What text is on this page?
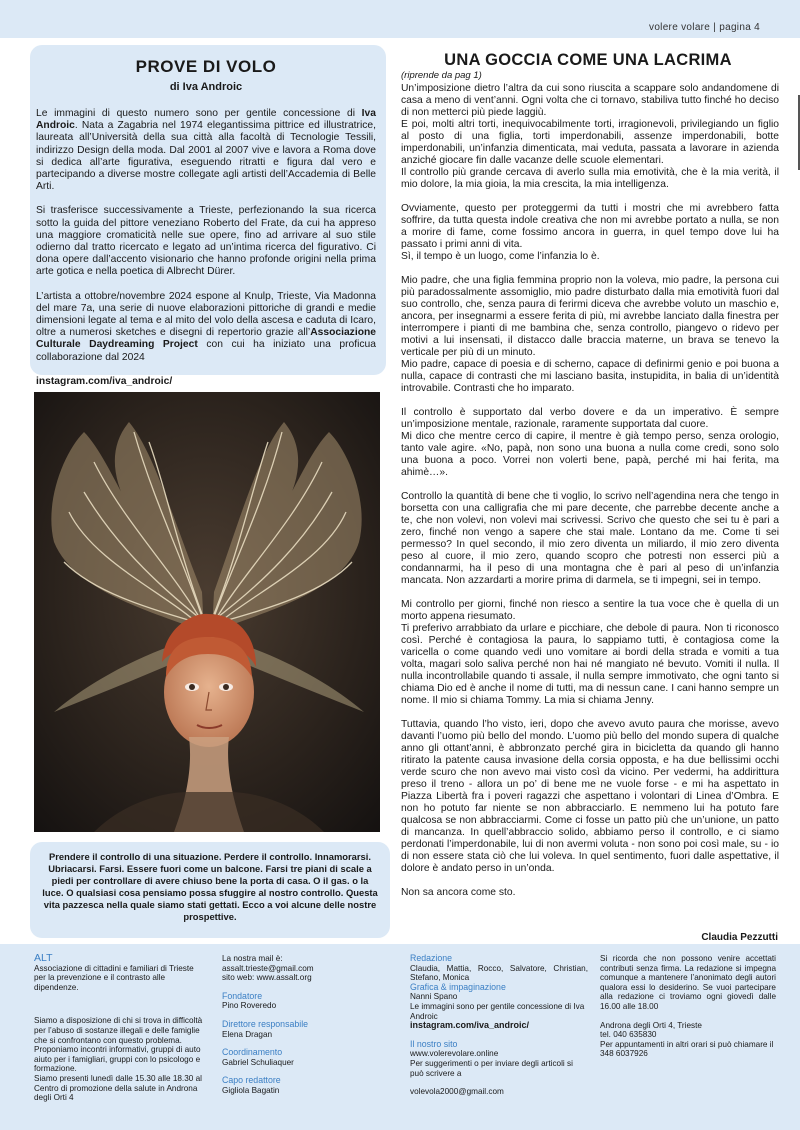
volere volare | pagina 4
PROVE DI VOLO
di Iva Androic

Le immagini di questo numero sono per gentile concessione di Iva Androic. Nata a Zagabria nel 1974 elegantissima pittrice ed illustratrice, laureata all’Università della sua città alla facoltà di Tecnologie Tessili, indirizzo Design della moda. Dal 2001 al 2007 vive e lavora a Roma dove si dedica all’arte figurativa, eseguendo ritratti e figura dal vero e partecipando a diverse mostre collegate agli artisti dell’Accademia di Belle Arti.

Si trasferisce successivamente a Trieste, perfezionando la sua ricerca sotto la guida del pittore veneziano Roberto del Frate, da cui ha appreso una maggiore cromaticità nelle sue opere, fino ad arrivare al suo stile odierno dal tratto ricercato e legato ad un’intima ricerca del figurativo. Ci dona opere dall’accento visionario che hanno profonde origini nella prima arte gotica e nella poetica di Albrecht Dürer.

L’artista a ottobre/novembre 2024 espone al Knulp, Trieste, Via Madonna del mare 7a, una serie di nuove elaborazioni pittoriche di grandi e medie dimensioni legate al tema e al mito del volo della ascesa e caduta di Icaro, oltre a numerosi sketches e disegni di repertorio grazie all’Associazione Culturale Daydreaming Project con cui ha iniziato una proficua collaborazione dal 2024

instagram.com/iva_androic/

Prendere il controllo di una situazione. Perdere il controllo. Innamorarsi. Ubriacarsi. Farsi. Essere fuori come un balcone. Farsi tre piani di scale a piedi per controllare di avere chiuso bene la porta di casa. O il gas. o la luce. O qualsiasi cosa pensiamo possa sfuggire al nostro controllo. Questa vita pazzesca nella quale siamo stati gettati. Ecco a voi alcune delle nostre prospettive.
UNA GOCCIA COME UNA LACRIMA
(riprende da pag 1)

Un’imposizione dietro l’altra da cui sono riuscita a scappare solo andandomene di casa a meno di vent’anni. Ogni volta che ci tornavo, stabiliva tutto finché ho deciso di non metterci più piede laggiù.
E poi, molti altri torti, inequivocabilmente torti, irragionevoli, privilegiando un figlio al posto di una figlia, torti imperdonabili, assenze imperdonabili, botte imperdonabili, un’infanzia dimenticata, mai veduta, passata a lavorare in azienda anziché giocare fin dalle vacanze delle scuole elementari.
Il controllo più grande cercava di averlo sulla mia emotività, che è la mia verità, il mio dolore, la mia gioia, la mia crescita, la mia intelligenza.

Ovviamente, questo per proteggermi da tutti i mostri che mi avrebbero fatta soffrire, da tutta questa indole creativa che non mi avrebbe portato a nulla, se non a morire di fame, come fossimo ancora in guerra, in quel tempo dove lui ha passato i primi anni di vita.
Sì, il tempo è un luogo, come l’infanzia lo è.

Mio padre, che una figlia femmina proprio non la voleva, mio padre, la persona cui più paradossalmente assomiglio, mio padre disturbato dalla mia emotività fuori dal suo controllo, che, senza paura di ferirmi diceva che avrebbe voluto un maschio e, ancora, per insegnarmi a essere ferita di più, mi avrebbe lanciato dalla finestra per interrompere i pianti di me bambina che, senza controllo, piangevo o ridevo per motivi a lui insensati, il distacco dalle braccia materne, un brava se tenevo la verticale per più di un minuto.
Mio padre, capace di poesia e di scherno, capace di definirmi genio e poi buona a nulla, capace di contrasti che mi lasciano basita, instupidita, in balia di un’identità introvabile. Contrasti che ho imparato.

Il controllo è supportato dal verbo dovere e da un imperativo. È sempre un’imposizione mentale, razionale, raramente supportata dal cuore.
Mi dico che mentre cerco di capire, il mentre è già tempo perso, senza orologio, tanto vale agire. «No, papà, non sono una buona a nulla come credi, sono solo una buona a poco. Vorrei non volerti bene, papà, perché mi hai ferita, ma ahimè…».

Controllo la quantità di bene che ti voglio, lo scrivo nell’agendina nera che tengo in borsetta con una calligrafia che mi pare decente, che parrebbe decente anche a te, che non volevi, non volevi mai scrivessi. Scrivo che questo che sei tu è pari a zero, finché non vengo a sapere che stai male. Lontano da me. Come ti sei permesso? In quel secondo, il mio zero diventa un miliardo, il mio zero diventa peso al cuore, il mio zero, quando scopro che potresti non esserci più a condannarmi, ha il peso di una montagna che è pari al peso di un’infanzia mancata. Non azzardarti a morire prima di darmela, se ti impegni, sei in tempo.

Mi controllo per giorni, finché non riesco a sentire la tua voce che è quella di un morto appena riesumato.
Ti preferivo arrabbiato da urlare e picchiare, che debole di paura. Non ti riconosco così. Perché è contagiosa la paura, lo sappiamo tutti, è contagiosa come la varicella o come quando vedi uno vomitare ai bordi della strada e vomiti a tua volta, magari solo saliva perché non hai né mangiato né bevuto. Vomiti il nulla. Il nulla incontrollabile quando ti assale, il nulla sempre immotivato, che ogni tanto si chiama Dio ed è anche il nome di tutti, ma di nessun cane. I cani hanno sempre un nome. Il mio si chiama Tommy. La mia si chiama Jenny.

Tuttavia, quando l’ho visto, ieri, dopo che avevo avuto paura che morisse, avevo davanti l’uomo più bello del mondo. L’uomo più bello del mondo supera di qualche anno gli ottant’anni, è abbronzato perché gira in bicicletta da quando gli hanno ritirato la patente causa invasione della corsia opposta, e ha due bellissimi occhi verde scuro che non avevo mai visto così da vicino. Per vedermi, ha addirittura preso il treno - allora un po’ di bene me ne vuole forse - e mi ha aspettato in Piazza Libertà fra i poveri ragazzi che aspettano i volontari di Linea d’Ombra. E non ho potuto far niente se non abbracciarlo. E nemmeno lui ha potuto fare qualcosa se non abbracciarmi. Come ci fosse un patto più che un’unione, un patto di mancanza. In quell’abbraccio solido, abbiamo perso il controllo, e ci siamo perdonati l’imperdonabile, lui di non avermi voluta - non sono poi così male, su - io di non essere stata ciò che lui voleva. In quel sentimento, fuori dalle aspettative, il dolore è andato perso in un’onda.

Non sa ancora come sto.

Claudia Pezzutti
ALT
Associazione di cittadini e familiari di Trieste per la prevenzione e il contrasto alle dipendenze.
Siamo a disposizione di chi si trova in difficoltà per l’abuso di sostanze illegali e delle famiglie che si confrontano con questo problema. Proponiamo incontri informativi, gruppi di auto aiuto per i famigliari, gruppi con lo psicologo e formazione.
Siamo presenti lunedì dalle 15.30 alle 18.30 al Centro di promozione della salute in Androna degli Orti 4
La nostra mail è:
assalt.trieste@gmail.com
sito web: www.assalt.org
Fondatore
Pino Roveredo
Direttore responsabile
Elena Dragan
Coordinamento
Gabriel Schuliaquer
Capo redattore
Gigliola Bagatin
Redazione
Claudia, Mattia, Rocco, Salvatore, Christian, Stefano, Monica
Grafica & impaginazione
Nanni Spano
Le immagini sono per gentile concessione di Iva Androic
instagram.com/iva_androic/
Il nostro sito
www.volerevolare.online
Per suggerimenti o per inviare degli articoli si può scrivere a
volevola2000@gmail.com
Si ricorda che non possono venire accettati contributi senza firma. La redazione si impegna comunque a mantenere l’anonimato degli autori qualora essi lo desiderino. Se vuoi partecipare alla redazione ci troviamo ogni giovedì dalle 16.00 alle 18.00
Androna degli Orti 4, Trieste
tel. 040 635830
Per appuntamenti in altri orari si può chiamare il 348 6037926
